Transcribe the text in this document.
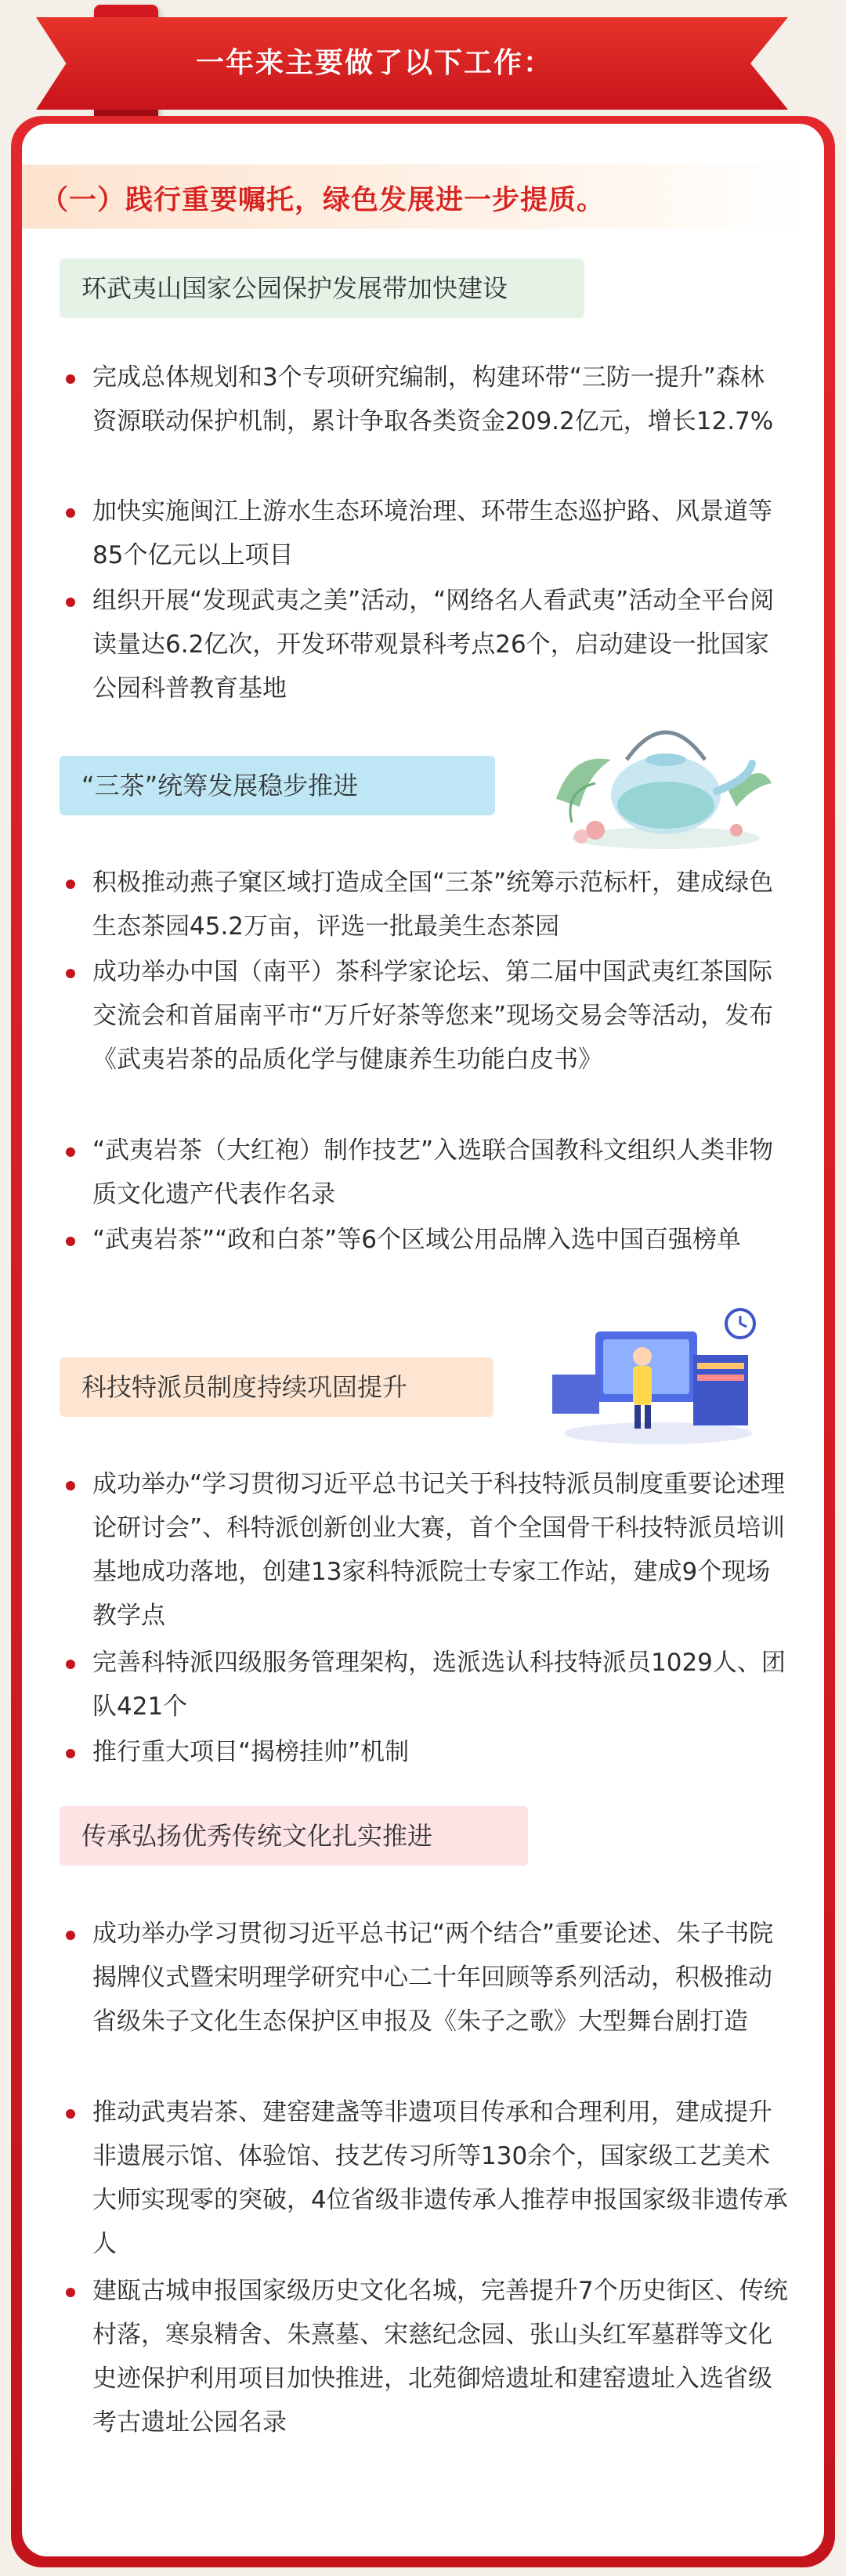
一年来主要做了以下工作：
（一）践行重要嘱托，绿色发展进一步提质。
环武夷山国家公园保护发展带加快建设

完成总体规划和3个专项研究编制，构建环带“三防一提升”森林资源联动保护机制，累计争取各类资金209.2亿元，增长12.7%

加快实施闽江上游水生态环境治理、环带生态巡护路、风景道等85个亿元以上项目

组织开展“发现武夷之美”活动，“网络名人看武夷”活动全平台阅读量达6.2亿次，开发环带观景科考点26个，启动建设一批国家公园科普教育基地

“三茶”统筹发展稳步推进

积极推动燕子窠区域打造成全国“三茶”统筹示范标杆，建成绿色生态茶园45.2万亩，评选一批最美生态茶园

成功举办中国（南平）茶科学家论坛、第二届中国武夷红茶国际交流会和首届南平市“万斤好茶等您来”现场交易会等活动，发布《武夷岩茶的品质化学与健康养生功能白皮书》

“武夷岩茶（大红袍）制作技艺”入选联合国教科文组织人类非物质文化遗产代表作名录

“武夷岩茶”“政和白茶”等6个区域公用品牌入选中国百强榜单

科技特派员制度持续巩固提升

成功举办“学习贯彻习近平总书记关于科技特派员制度重要论述理论研讨会”、科特派创新创业大赛，首个全国骨干科技特派员培训基地成功落地，创建13家科特派院士专家工作站，建成9个现场教学点

完善科特派四级服务管理架构，选派选认科技特派员1029人、团队421个

推行重大项目“揭榜挂帅”机制

传承弘扬优秀传统文化扎实推进

成功举办学习贯彻习近平总书记“两个结合”重要论述、朱子书院揭牌仪式暨宋明理学研究中心二十年回顾等系列活动，积极推动省级朱子文化生态保护区申报及《朱子之歌》大型舞台剧打造

推动武夷岩茶、建窑建盏等非遗项目传承和合理利用，建成提升非遗展示馆、体验馆、技艺传习所等130余个，国家级工艺美术大师实现零的突破，4位省级非遗传承人推荐申报国家级非遗传承人

建瓯古城申报国家级历史文化名城，完善提升7个历史街区、传统村落，寒泉精舍、朱熹墓、宋慈纪念园、张山头红军墓群等文化史迹保护利用项目加快推进，北苑御焙遗址和建窑遗址入选省级考古遗址公园名录
